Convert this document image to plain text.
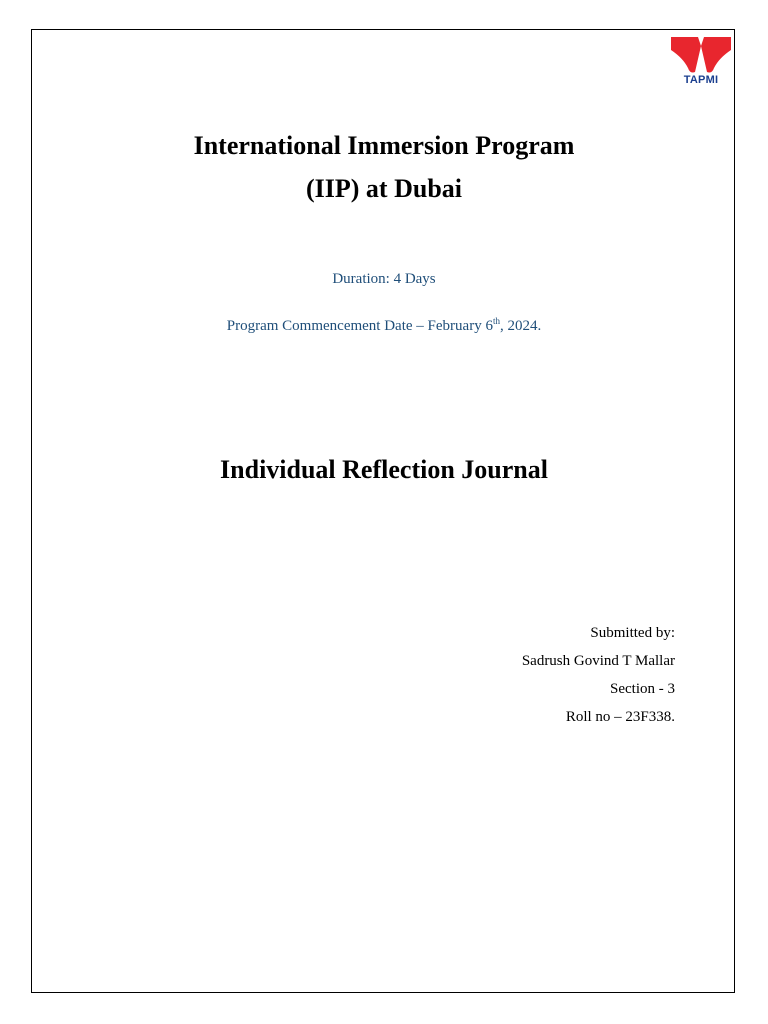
TAPMI
International Immersion Program
(IIP) at Dubai
Duration: 4 Days
Program Commencement Date – February 6th, 2024.
Individual Reflection Journal
Submitted by:
Sadrush Govind T Mallar
Section - 3
Roll no – 23F338.
